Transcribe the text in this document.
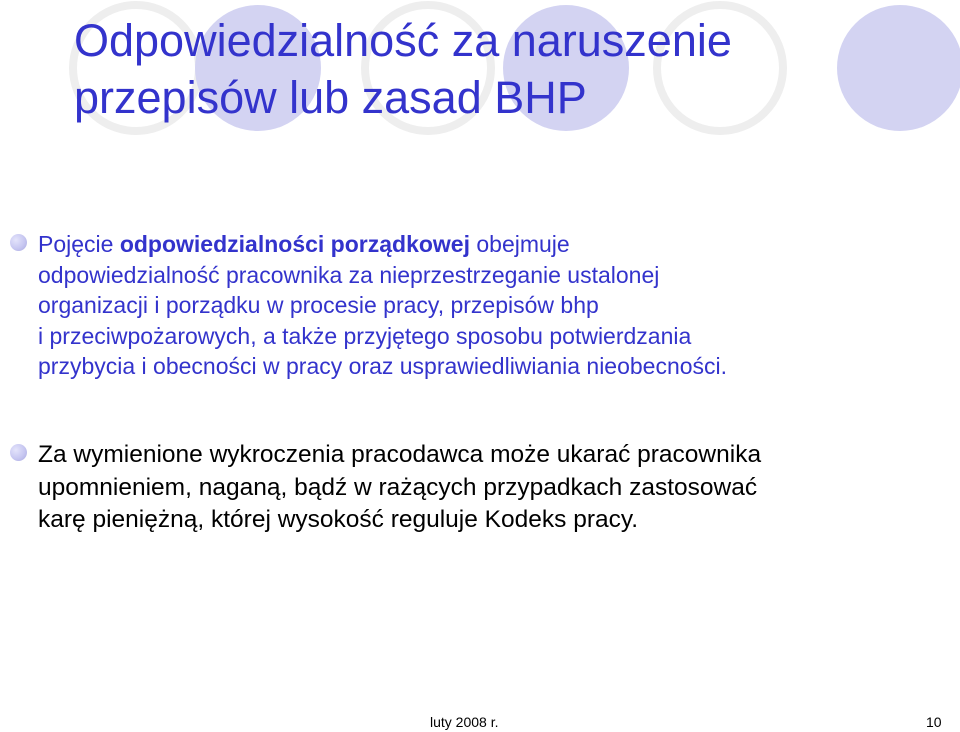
Odpowiedzialność za naruszenie
przepisów lub zasad BHP

Pojęcie odpowiedzialności porządkowej obejmuje
odpowiedzialność pracownika za nieprzestrzeganie ustalonej
organizacji i porządku w procesie pracy, przepisów bhp
i przeciwpożarowych, a także przyjętego sposobu potwierdzania
przybycia i obecności w pracy oraz usprawiedliwiania nieobecności.

Za wymienione wykroczenia pracodawca może ukarać pracownika
upomnieniem, naganą, bądź w rażących przypadkach zastosować
karę pieniężną, której wysokość reguluje Kodeks pracy.

luty 2008 r.	10
